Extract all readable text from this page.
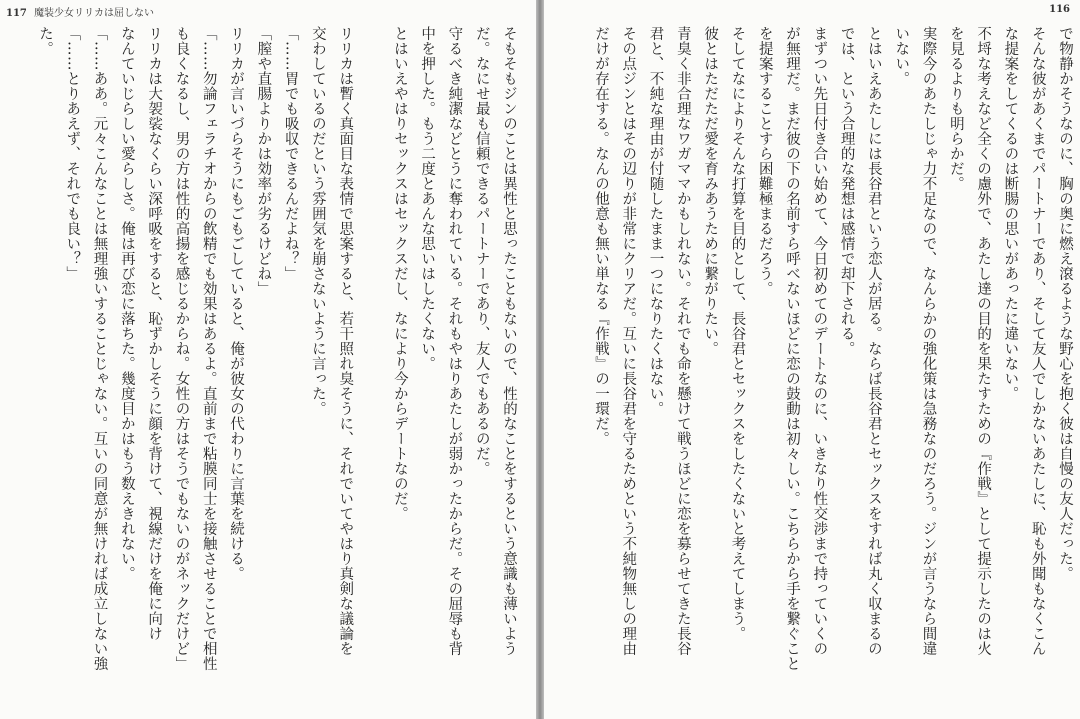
117 魔装少女リリカは屈しない
そもそもジンのことは異性と思ったこともないので、性的なことをするという意識も薄いよう
だ。なにせ最も信頼できるパートナーであり、友人でもあるのだ。
守るべき純潔などとうに奪われている。それもやはりあたしが弱かったからだ。その屈辱も背
中を押した。もう二度とあんな思いはしたくない。
とはいえやはりセックスはセックスだし、なにより今からデートなのだ。

リリカは暫く真面目な表情で思案すると、若干照れ臭そうに、それでいてやはり真剣な議論を
交わしているのだという雰囲気を崩さないように言った。
「……胃でも吸収できるんだよね？」
「膣や直腸よりかは効率が劣るけどね」
リリカが言いづらそうにもごもごしていると、俺が彼女の代わりに言葉を続ける。
「……勿論フェラチオからの飲精でも効果はあるよ。直前まで粘膜同士を接触させることで相性
も良くなるし、男の方は性的高揚を感じるからね。女性の方はそうでもないのがネックだけど」
リリカは大袈裟なくらい深呼吸をすると、恥ずかしそうに顔を背けて、視線だけを俺に向け
なんていじらしい愛らしさ。俺は再び恋に落ちた。幾度目かはもう数えきれない。
「……ああ。元々こんなことは無理強いすることじゃない。互いの同意が無ければ成立しない強
「……とりあえず、それでも良い？」
た。
116
で物静かそうなのに、胸の奥に燃え滾るような野心を抱く彼は自慢の友人だった。
そんな彼があくまでパートナーであり、そして友人でしかないあたしに、恥も外聞もなくこん
な提案をしてくるのは断腸の思いがあったに違いない。
不埒な考えなど全くの慮外で、あたし達の目的を果たすための『作戦』として提示したのは火
を見るよりも明らかだ。
実際今のあたしじゃ力不足なので、なんらかの強化策は急務なのだろう。ジンが言うなら間違
いない。
とはいえあたしには長谷君という恋人が居る。ならば長谷君とセックスをすれば丸く収まるの
では、という合理的な発想は感情で却下される。
まずつい先日付き合い始めて、今日初めてのデートなのに、いきなり性交渉まで持っていくの
が無理だ。まだ彼の下の名前すら呼べないほどに恋の鼓動は初々しい。こちらから手を繋ぐこと
を提案することすら困難極まるだろう。
そしてなによりそんな打算を目的として、長谷君とセックスをしたくないと考えてしまう。
彼とはただただ愛を育みあうために繋がりたい。
青臭く非合理なワガママかもしれない。それでも命を懸けて戦うほどに恋を募らせてきた長谷
君と、不純な理由が付随したまま一つになりたくはない。
その点ジンとはその辺りが非常にクリアだ。互いに長谷君を守るためという不純物無しの理由
だけが存在する。なんの他意も無い単なる『作戦』の一環だ。
